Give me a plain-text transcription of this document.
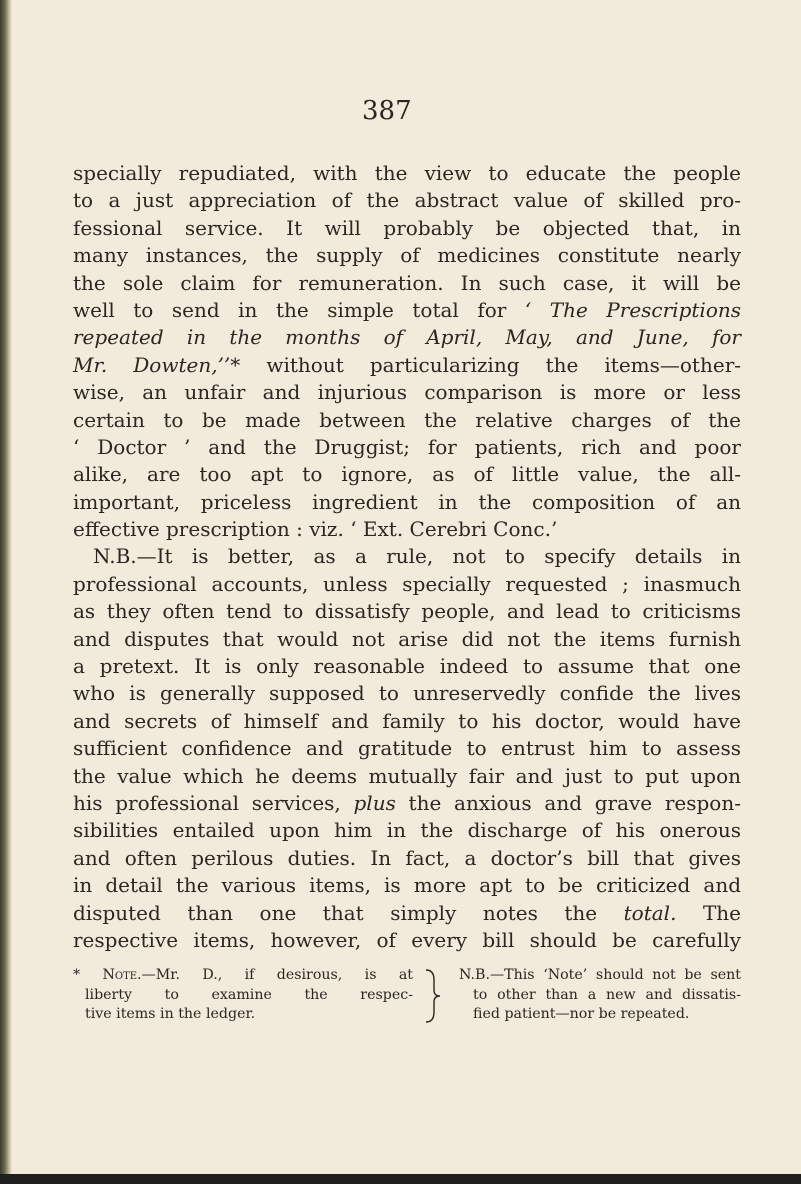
387
specially repudiated, with the view to educate the people
to a just appreciation of the abstract value of skilled pro-
fessional service. It will probably be objected that, in
many instances, the supply of medicines constitute nearly
the sole claim for remuneration. In such case, it will be
well to send in the simple total for ‘ The Prescriptions
repeated in the months of April, May, and June, for
Mr. Dowten,’’* without particularizing the items—other-
wise, an unfair and injurious comparison is more or less
certain to be made between the relative charges of the
‘ Doctor ’ and the Druggist; for patients, rich and poor
alike, are too apt to ignore, as of little value, the all-
important, priceless ingredient in the composition of an
effective prescription : viz. ‘ Ext. Cerebri Conc.’
N.B.—It is better, as a rule, not to specify details in
professional accounts, unless specially requested ; inasmuch
as they often tend to dissatisfy people, and lead to criticisms
and disputes that would not arise did not the items furnish
a pretext. It is only reasonable indeed to assume that one
who is generally supposed to unreservedly confide the lives
and secrets of himself and family to his doctor, would have
sufficient confidence and gratitude to entrust him to assess
the value which he deems mutually fair and just to put upon
his professional services, plus the anxious and grave respon-
sibilities entailed upon him in the discharge of his onerous
and often perilous duties. In fact, a doctor’s bill that gives
in detail the various items, is more apt to be criticized and
disputed than one that simply notes the total. The
respective items, however, of every bill should be carefully
* Note.—Mr. D., if desirous, is at
liberty to examine the respec-
tive items in the ledger.
N.B.—This ‘Note’ should not be sent
to other than a new and dissatis-
fied patient—nor be repeated.
